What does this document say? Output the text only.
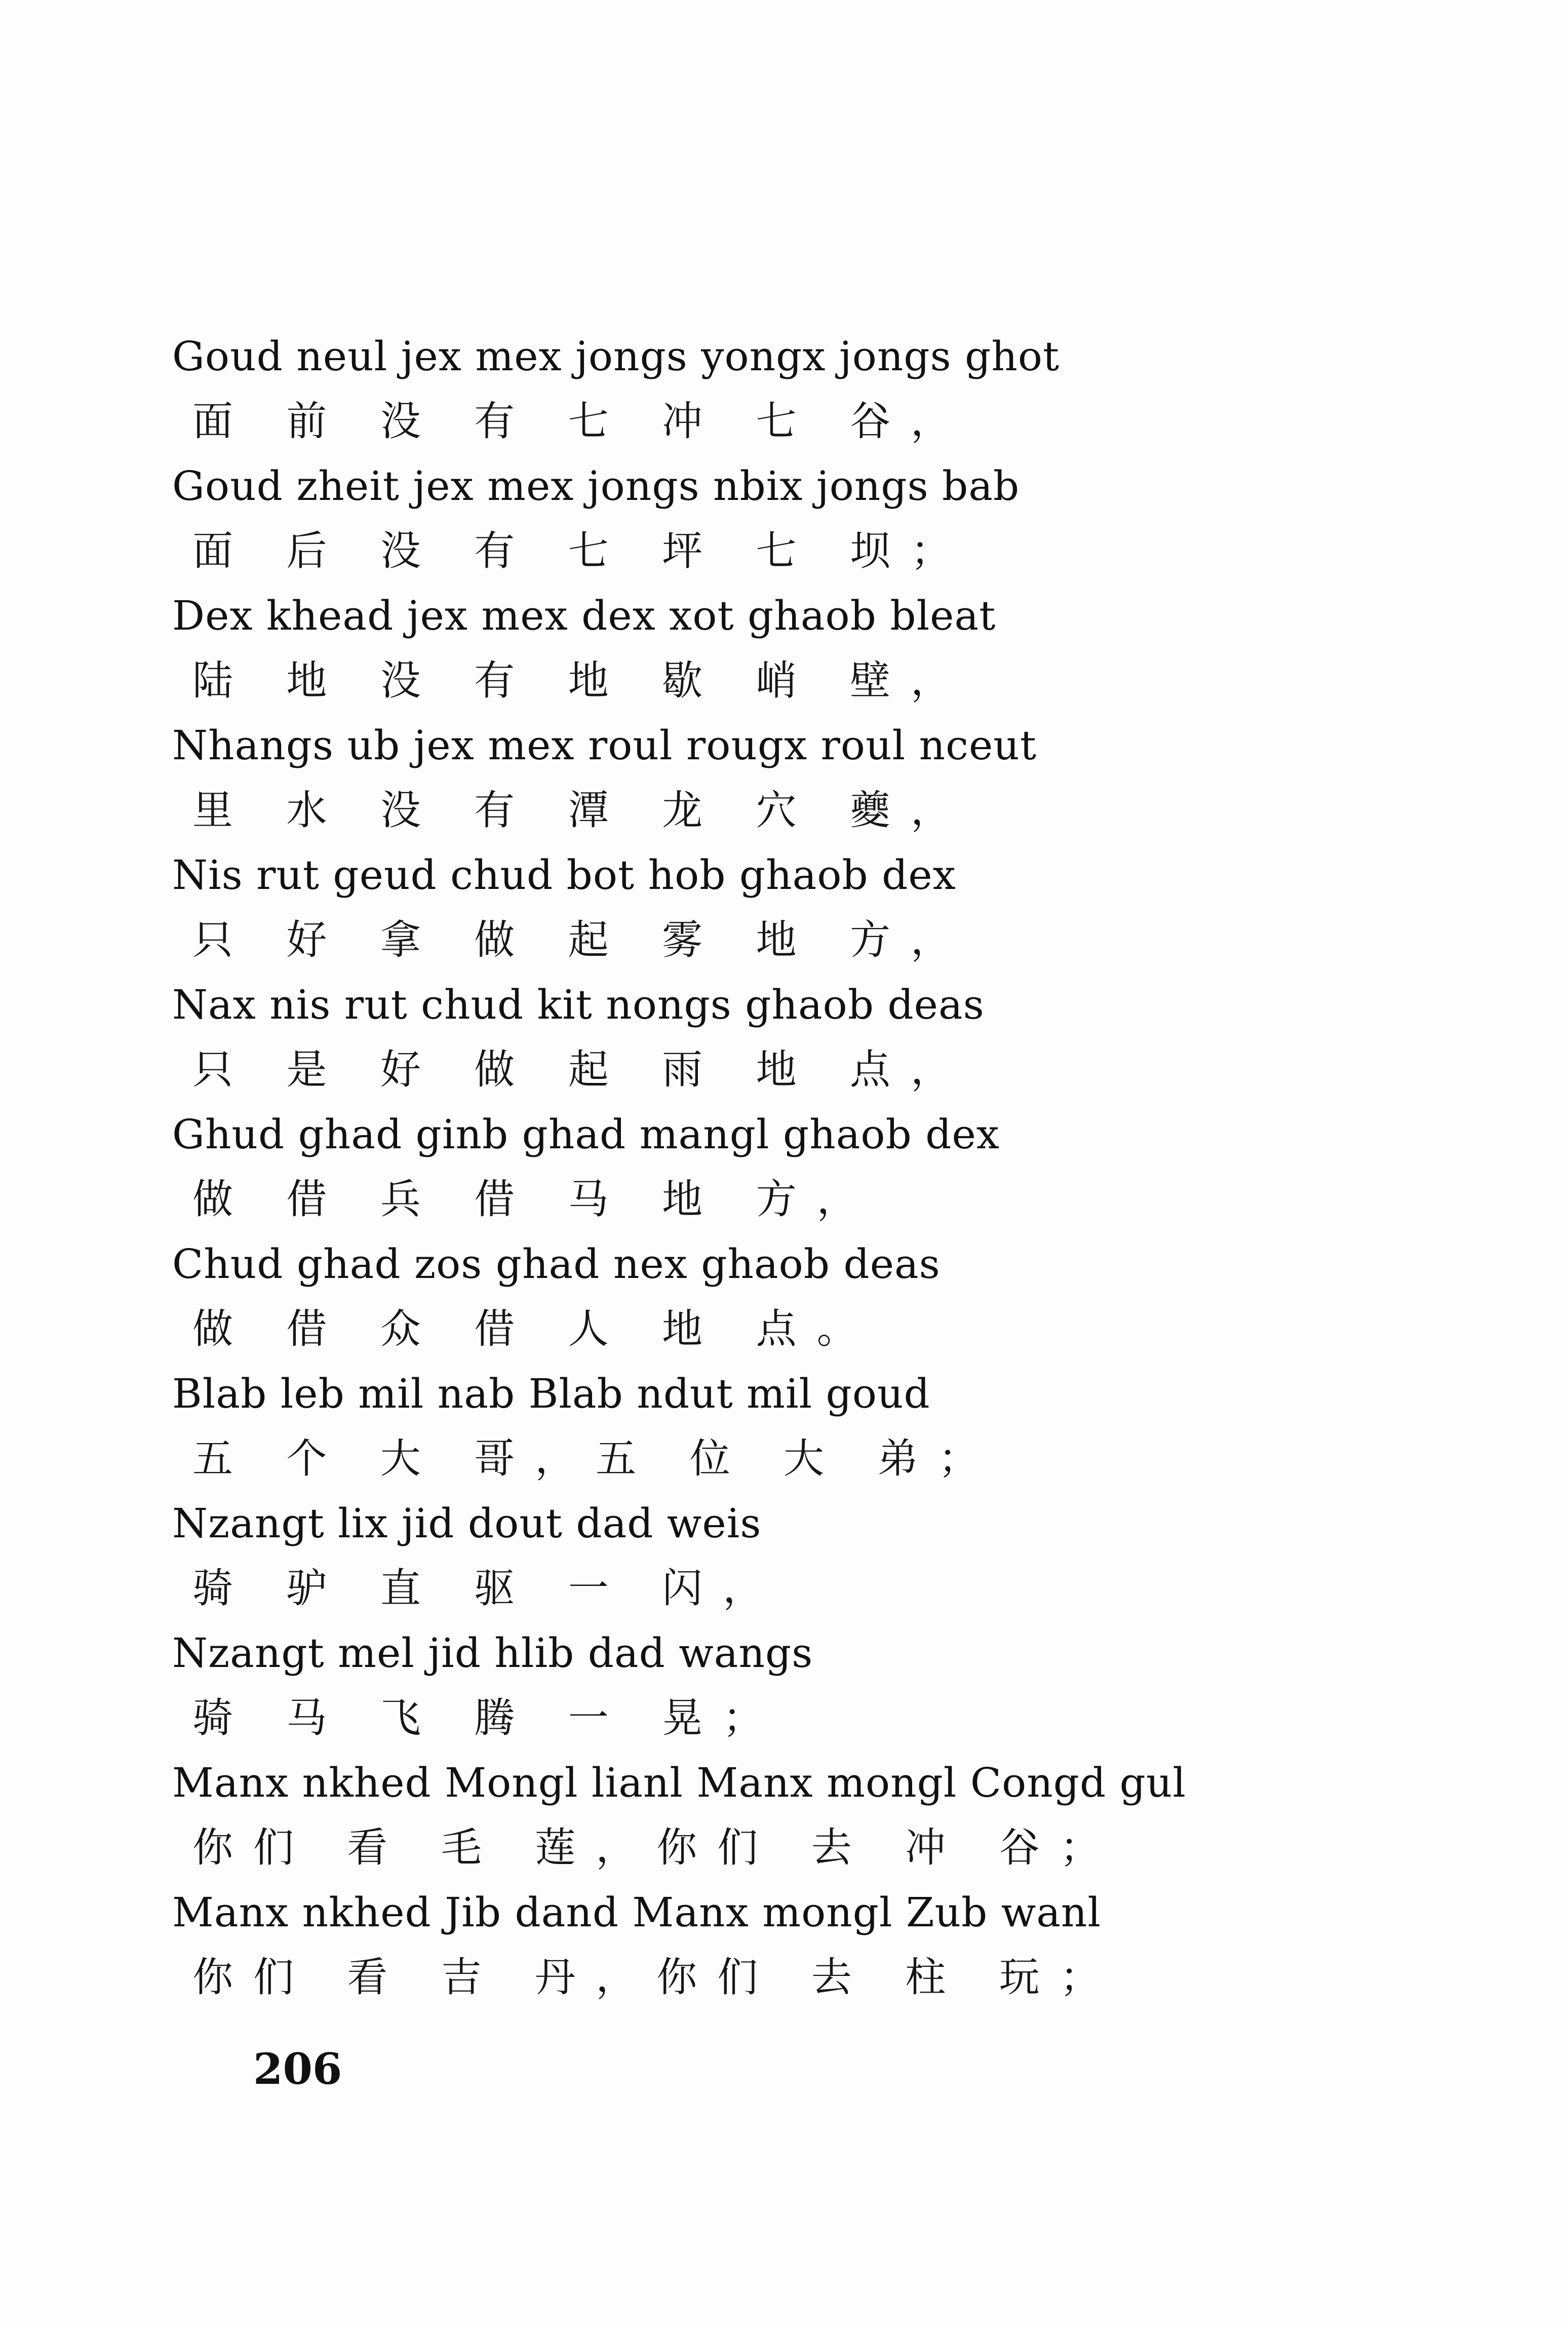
Goud neul jex mex jongs yongx jongs ghot
面 前 没 有 七 冲 七 谷，
Goud zheit jex mex jongs nbix jongs bab
面 后 没 有 七 坪 七 坝；
Dex khead jex mex dex xot ghaob bleat
陆 地 没 有 地 歇 峭 壁，
Nhangs ub jex mex roul rougx roul nceut
里 水 没 有 潭 龙 穴 夔，
Nis rut geud chud bot hob ghaob dex
只 好 拿 做 起 雾 地 方，
Nax nis rut chud kit nongs ghaob deas
只 是 好 做 起 雨 地 点，
Ghud ghad ginb ghad mangl ghaob dex
做 借 兵 借 马 地 方，
Chud ghad zos ghad nex ghaob deas
做 借 众 借 人 地 点。
Blab leb mil nab Blab ndut mil goud
五 个 大 哥，五 位 大 弟；
Nzangt lix jid dout dad weis
骑 驴 直 驱 一 闪，
Nzangt mel jid hlib dad wangs
骑 马 飞 腾 一 晃；
Manx nkhed Mongl lianl Manx mongl Congd gul
你们 看 毛 莲，你们 去 冲 谷；
Manx nkhed Jib dand Manx mongl Zub wanl
你们 看 吉 丹，你们 去 柱 玩；
206
